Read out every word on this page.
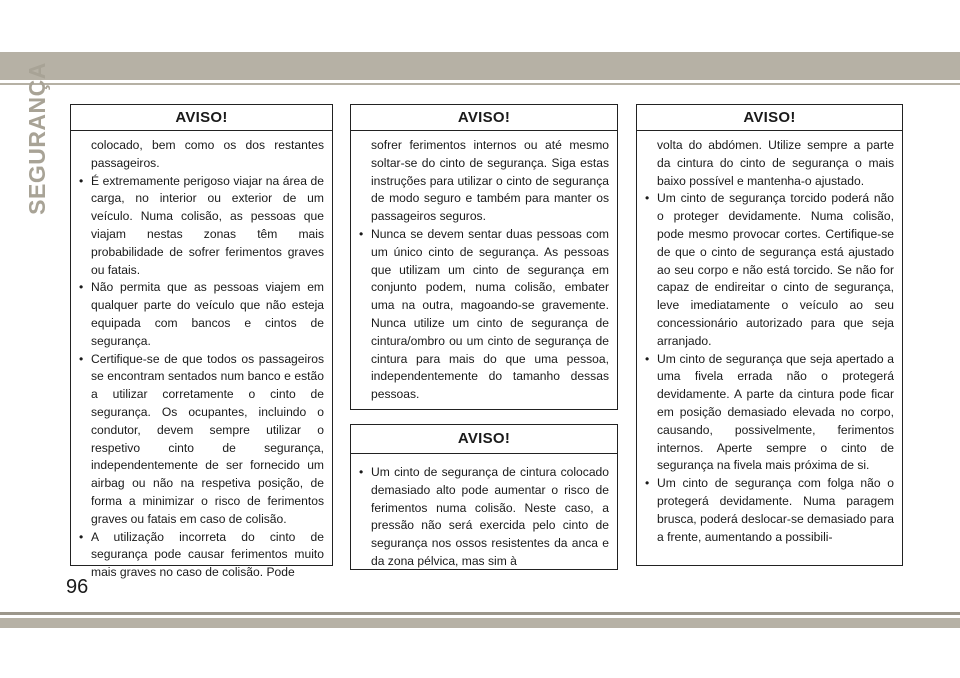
SEGURANÇA	AVISO!

colocado, bem como os dos restantes passageiros.

• É extremamente perigoso viajar na área de carga, no interior ou exterior de um veículo. Numa colisão, as pessoas que viajam nestas zonas têm mais probabilidade de sofrer ferimentos graves ou fatais.
• Não permita que as pessoas viajem em qualquer parte do veículo que não esteja equipada com bancos e cintos de segurança.
• Certifique-se de que todos os passageiros se encontram sentados num banco e estão a utilizar corretamente o cinto de segurança. Os ocupantes, incluindo o condutor, devem sempre utilizar o respetivo cinto de segurança, independentemente de ser fornecido um airbag ou não na respetiva posição, de forma a minimizar o risco de ferimentos graves ou fatais em caso de colisão.
• A utilização incorreta do cinto de segurança pode causar ferimentos muito mais graves no caso de colisão. Pode
AVISO!

sofrer ferimentos internos ou até mesmo soltar-se do cinto de segurança. Siga estas instruções para utilizar o cinto de segurança de modo seguro e também para manter os passageiros seguros.

• Nunca se devem sentar duas pessoas com um único cinto de segurança. As pessoas que utilizam um cinto de segurança em conjunto podem, numa colisão, embater uma na outra, magoando-se gravemente. Nunca utilize um cinto de segurança de cintura/ombro ou um cinto de segurança de cintura para mais do que uma pessoa, independentemente do tamanho dessas pessoas.
AVISO!
• Um cinto de segurança de cintura colocado demasiado alto pode aumentar o risco de ferimentos numa colisão. Neste caso, a pressão não será exercida pelo cinto de segurança nos ossos resistentes da anca e da zona pélvica, mas sim à
AVISO!

volta do abdómen. Utilize sempre a parte da cintura do cinto de segurança o mais baixo possível e mantenha-o ajustado.

• Um cinto de segurança torcido poderá não o proteger devidamente. Numa colisão, pode mesmo provocar cortes. Certifique-se de que o cinto de segurança está ajustado ao seu corpo e não está torcido. Se não for capaz de endireitar o cinto de segurança, leve imediatamente o veículo ao seu concessionário autorizado para que seja arranjado.
• Um cinto de segurança que seja apertado a uma fivela errada não o protegerá devidamente. A parte da cintura pode ficar em posição demasiado elevada no corpo, causando, possivelmente, ferimentos internos. Aperte sempre o cinto de segurança na fivela mais próxima de si.
• Um cinto de segurança com folga não o protegerá devidamente. Numa paragem brusca, poderá deslocar-se demasiado para a frente, aumentando a possibili-
96
